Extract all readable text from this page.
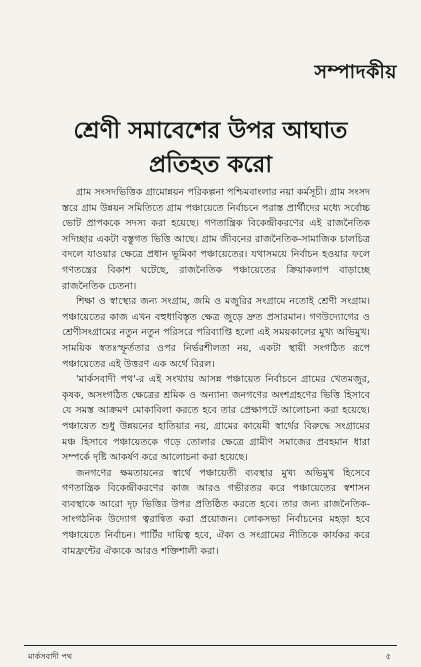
সম্পাদকীয়
শ্রেণী সমাবেশের উপর আঘাত
প্রতিহত করো

গ্রাম সংসদভিত্তিক গ্রামোন্নয়ন পরিকল্পনা পশ্চিমবাংলার নয়া কর্মসূচী। গ্রাম সংসদ স্তরে গ্রাম উন্নয়ন সমিতিতে গ্রাম পঞ্চায়েতে নির্বাচনে পরাস্ত প্রার্থীদের মধ্যে সর্বোচ্চ ভোট প্রাপককে সদস্য করা হয়েছে। গণতান্ত্রিক বিকেন্দ্রীকরণের এই রাজনৈতিক সদিচ্ছার একটা বস্তুগত ভিত্তি আছে। গ্রাম জীবনের রাজনৈতিক-সামাজিক চালচিত্র বদলে যাওয়ার ক্ষেত্রে প্রধান ভূমিকা পঞ্চায়েতের। যথাসময়ে নির্বাচন হওয়ার ফলে গণতন্ত্রের বিকাশ ঘটেছে, রাজনৈতিক পঞ্চায়েতের ক্রিয়াকলাপ বাড়াচ্ছে রাজনৈতিক চেতনা।

শিক্ষা ও স্বাস্থ্যের জন্য সংগ্রাম, জমি ও মজুরির সংগ্রামে নতোই শ্রেণী সংগ্রাম। পঞ্চায়েতের কাজ এখন বহুধাবিস্তৃত ক্ষেত্র জুড়ে দ্রুত প্রসারমান। গণউদ্যোগের ও শ্রেণীসংগ্রামের নতুন নতুন পরিসরে পরিব্যাপ্তি হলো এই সময়কালের মুখ্য অভিমুখ। সাময়িক স্বতঃস্ফূর্ততার ওপর নির্ভরশীলতা নয়, একটা স্থায়ী সংগঠিত রূপে পঞ্চায়েতের এই উত্তরণ এক অর্থে বিরল।

'মার্কসবাদী পথ'-র এই সংখ্যায় আসন্ন পঞ্চায়েত নির্বাচনে গ্রামের খেতমজুর, কৃষক, অসংগঠিত ক্ষেত্রের শ্রমিক ও অন্যান্য জনগণের অংশগ্রহণের ভিত্তি হিসাবে যে সমস্ত আক্রমণ মোকাবিলা করতে হবে তার প্রেক্ষাপটে আলোচনা করা হয়েছে। পঞ্চায়েত শুধু উন্নয়নের হাতিয়ার নয়, গ্রামের কায়েমী স্বার্থের বিরুদ্ধে সংগ্রামের মঞ্চ হিসাবে পঞ্চায়েতকে গড়ে তোলার ক্ষেত্রে গ্রামীণ সমাজের প্রবহমান ধারা সম্পর্কে দৃষ্টি আকর্ষণ করে আলোচনা করা হয়েছে।

জনগণের ক্ষমতায়নের স্বার্থে পঞ্চায়েতী ব্যবস্থার মুখ্য অভিমুখ হিসেবে গণতান্ত্রিক বিকেন্দ্রীকরণের কাজ আরও গভীরতর করে পঞ্চায়েতের স্বশাসন ব্যবস্থাকে আরো দৃঢ় ভিত্তির উপর প্রতিষ্ঠিত করতে হবে। তার জন্য রাজনৈতিক-সাংগঠনিক উদ্যোগ ত্বরান্বিত করা প্রয়োজন। লোকসভা নির্বাচনের মহড়া হবে পঞ্চায়েতে নির্বাচন। পার্টির দায়িত্ব হবে, ঐক্য ও সংগ্রামের নীতিকে কার্যকর করে বামফ্রন্টের ঐক্যকে আরও শক্তিশালী করা।

মার্কসবাদী পথ	৫
